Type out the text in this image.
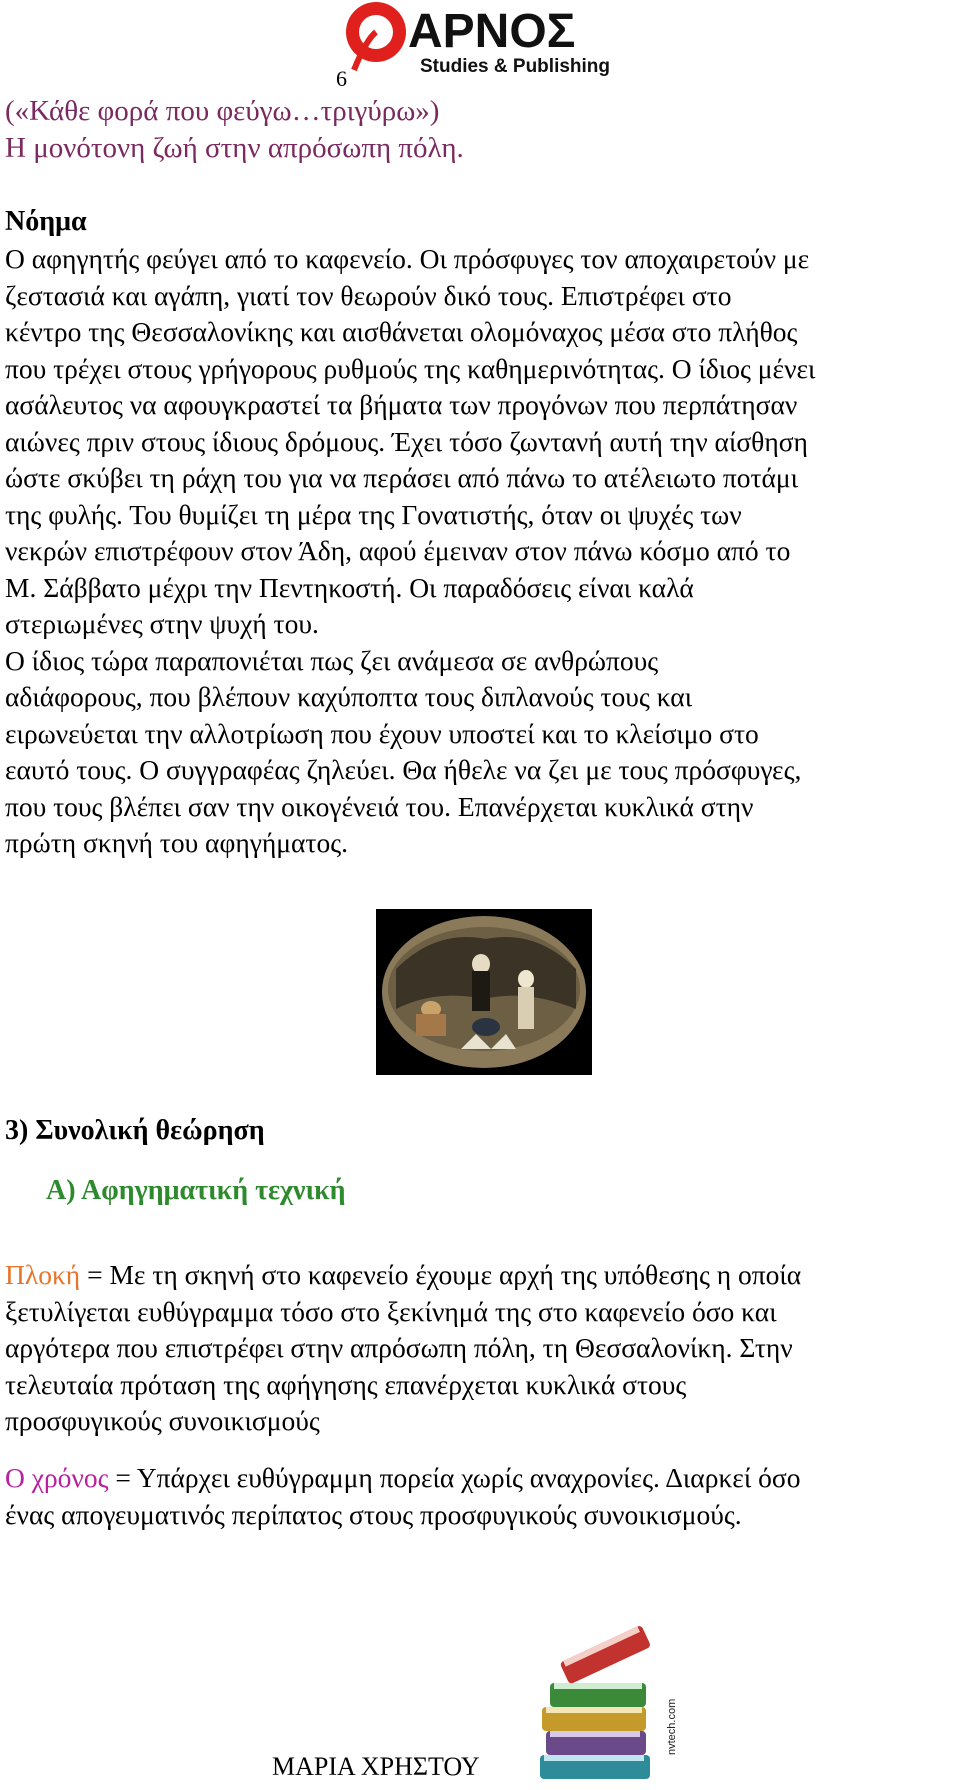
ΑΡΝΟΣ
Studies & Publishing
6
(«Κάθε φορά που φεύγω…τριγύρω»)
Η μονότονη ζωή στην απρόσωπη πόλη.
Νόημα

Ο αφηγητής φεύγει από το καφενείο. Οι πρόσφυγες τον αποχαιρετούν με

ζεστασιά και αγάπη, γιατί τον θεωρούν δικό τους. Επιστρέφει στο

κέντρο της Θεσσαλονίκης και αισθάνεται ολομόναχος μέσα στο πλήθος

που τρέχει στους γρήγορους ρυθμούς της καθημερινότητας. Ο ίδιος μένει

ασάλευτος να αφουγκραστεί τα βήματα των προγόνων που περπάτησαν

αιώνες πριν στους ίδιους δρόμους. Έχει τόσο ζωντανή αυτή την αίσθηση

ώστε σκύβει τη ράχη του για να περάσει από πάνω το ατέλειωτο ποτάμι

της φυλής. Του θυμίζει τη μέρα της Γονατιστής, όταν οι ψυχές των

νεκρών επιστρέφουν στον Άδη, αφού έμειναν στον πάνω κόσμο από το

Μ. Σάββατο μέχρι την Πεντηκοστή. Οι παραδόσεις είναι καλά

στεριωμένες στην ψυχή του.

Ο ίδιος τώρα παραπονιέται πως ζει ανάμεσα σε ανθρώπους

αδιάφορους, που βλέπουν καχύποπτα τους διπλανούς τους και

ειρωνεύεται την αλλοτρίωση που έχουν υποστεί και το κλείσιμο στο

εαυτό τους. Ο συγγραφέας ζηλεύει. Θα ήθελε να ζει με τους πρόσφυγες,

που τους βλέπει σαν την οικογένειά του. Επανέρχεται κυκλικά στην

πρώτη σκηνή του αφηγήματος.

3) Συνολική θεώρηση
Α) Αφηγηματική τεχνική

Πλοκή = Με τη σκηνή στο καφενείο έχουμε αρχή της υπόθεσης η οποία

ξετυλίγεται ευθύγραμμα τόσο στο ξεκίνημά της στο καφενείο όσο και

αργότερα που επιστρέφει στην απρόσωπη πόλη, τη Θεσσαλονίκη. Στην

τελευταία πρόταση της αφήγησης επανέρχεται κυκλικά στους

προσφυγικούς συνοικισμούς

Ο χρόνος = Υπάρχει ευθύγραμμη πορεία χωρίς αναχρονίες. Διαρκεί όσο

ένας απογευματινός περίπατος στους προσφυγικούς συνοικισμούς.

nvtech.com
ΜΑΡΙΑ ΧΡΗΣΤΟΥ
